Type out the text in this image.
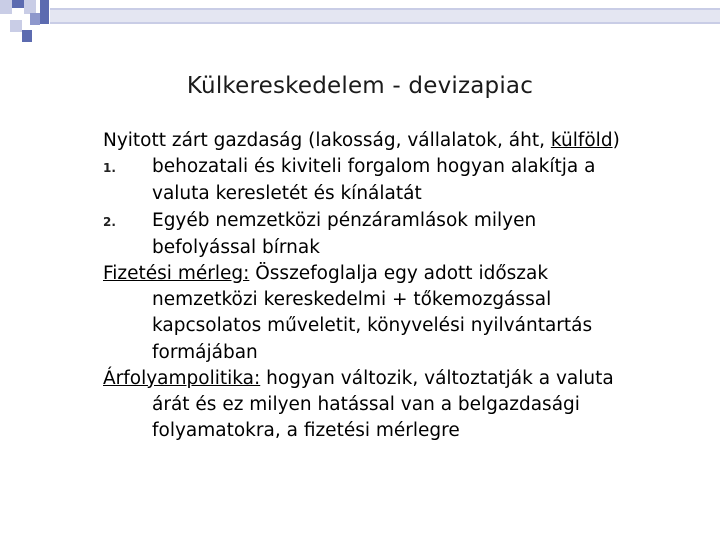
Külkereskedelem - devizapiac
Nyitott zárt gazdaság (lakosság, vállalatok, áht, külföld)
1. behozatali és kiviteli forgalom hogyan alakítja a
valuta keresletét és kínálatát
2. Egyéb nemzetközi pénzáramlások milyen
befolyással bírnak
Fizetési mérleg: Összefoglalja egy adott időszak
nemzetközi kereskedelmi + tőkemozgással
kapcsolatos műveletit, könyvelési nyilvántartás
formájában
Árfolyampolitika: hogyan változik, változtatják a valuta
árát és ez milyen hatással van a belgazdasági
folyamatokra, a fizetési mérlegre
